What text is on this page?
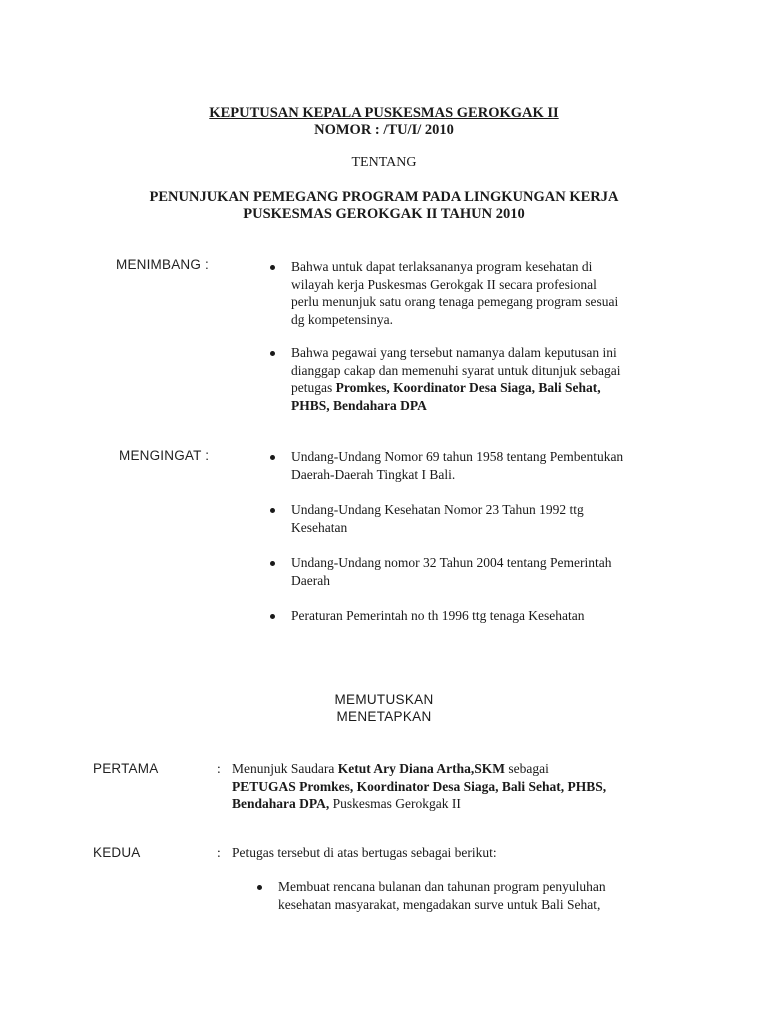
KEPUTUSAN KEPALA PUSKESMAS GEROKGAK II
NOMOR : /TU/I/ 2010
TENTANG
PENUNJUKAN PEMEGANG PROGRAM PADA LINGKUNGAN KERJA
PUSKESMAS GEROKGAK II TAHUN 2010
MENIMBANG :	Bahwa untuk dapat terlaksananya program kesehatan di
wilayah kerja Puskesmas Gerokgak II secara profesional
perlu menunjuk satu orang tenaga pemegang program sesuai
dg kompetensinya.
Bahwa pegawai yang tersebut namanya dalam keputusan ini
dianggap cakap dan memenuhi syarat untuk ditunjuk sebagai
petugas Promkes, Koordinator Desa Siaga, Bali Sehat,
PHBS, Bendahara DPA
MENGINGAT :	Undang-Undang Nomor 69 tahun 1958 tentang Pembentukan
Daerah-Daerah Tingkat I Bali.
Undang-Undang Kesehatan Nomor 23 Tahun 1992 ttg
Kesehatan
Undang-Undang nomor 32 Tahun 2004 tentang Pemerintah
Daerah
Peraturan Pemerintah no th 1996 ttg tenaga Kesehatan
MEMUTUSKAN
MENETAPKAN
PERTAMA	: Menunjuk Saudara Ketut Ary Diana Artha,SKM sebagai
PETUGAS Promkes, Koordinator Desa Siaga, Bali Sehat, PHBS,
Bendahara DPA, Puskesmas Gerokgak II
KEDUA	: Petugas tersebut di atas bertugas sebagai berikut:
Membuat rencana bulanan dan tahunan program penyuluhan
kesehatan masyarakat, mengadakan surve untuk Bali Sehat,
